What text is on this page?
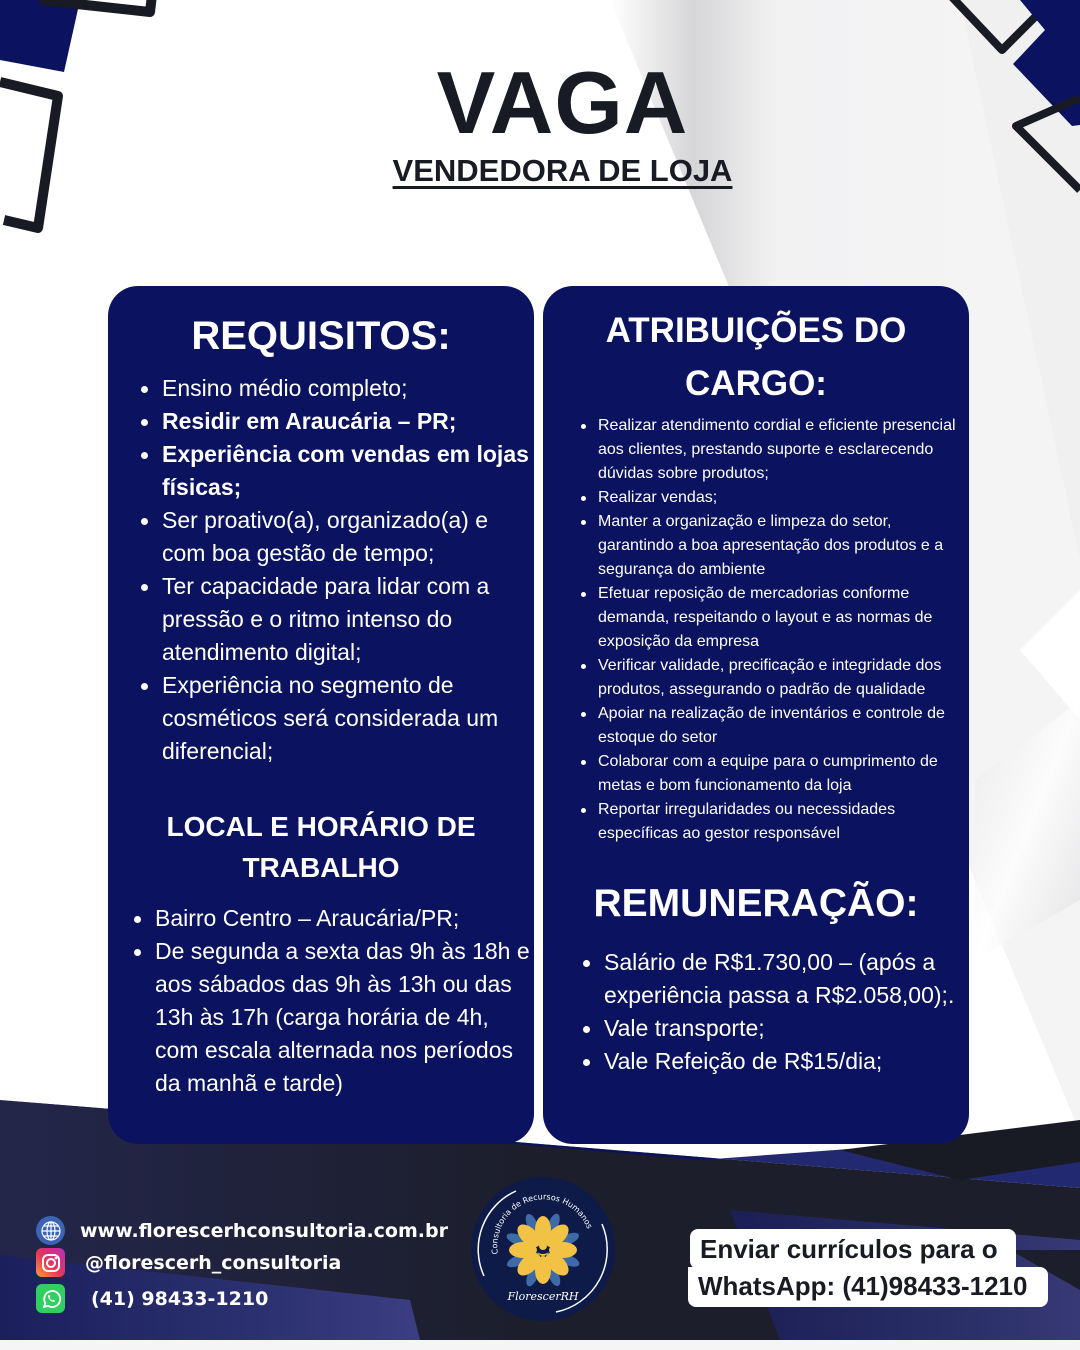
VAGA
VENDEDORA DE LOJA
REQUISITOS:
Ensino médio completo;
Residir em Araucária – PR;
Experiência com vendas em lojas físicas;
Ser proativo(a), organizado(a) e com boa gestão de tempo;
Ter capacidade para lidar com a pressão e o ritmo intenso do atendimento digital;
Experiência no segmento de cosméticos será considerada um diferencial;
LOCAL E HORÁRIO DE TRABALHO
Bairro Centro – Araucária/PR;
De segunda a sexta das 9h às 18h e aos sábados das 9h às 13h ou das 13h às 17h (carga horária de 4h, com escala alternada nos períodos da manhã e tarde)
ATRIBUIÇÕES DO CARGO:
Realizar atendimento cordial e eficiente presencial aos clientes, prestando suporte e esclarecendo dúvidas sobre produtos;
Realizar vendas;
Manter a organização e limpeza do setor, garantindo a boa apresentação dos produtos e a segurança do ambiente
Efetuar reposição de mercadorias conforme demanda, respeitando o layout e as normas de exposição da empresa
Verificar validade, precificação e integridade dos produtos, assegurando o padrão de qualidade
Apoiar na realização de inventários e controle de estoque do setor
Colaborar com a equipe para o cumprimento de metas e bom funcionamento da loja
Reportar irregularidades ou necessidades específicas ao gestor responsável
REMUNERAÇÃO:
Salário de R$1.730,00 – (após a experiência passa a R$2.058,00);.
Vale transporte;
Vale Refeição de R$15/dia;
www.florescerhconsultoria.com.br
@florescerh_consultoria
(41) 98433-1210
Consultoria de Recursos Humanos
FlorescerRH
Enviar currículos para o
WhatsApp: (41)98433-1210
